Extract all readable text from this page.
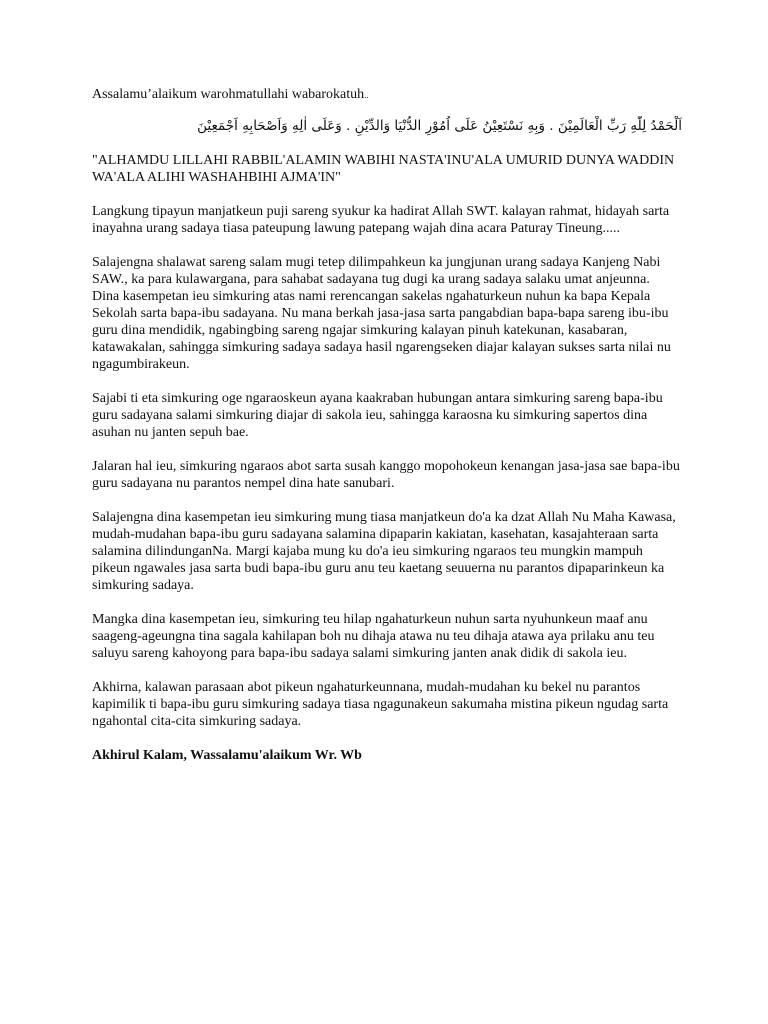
Assalamu’alaikum warohmatullahi wabarokatuh..

اَلْحَمْدُ لِلّٰهِ رَبِّ الْعَالَمِيْنَ . وَبِهِ نَسْتَعِيْنُ عَلَى اُمُوْرِ الدُّنْيَا وَالدِّيْنِ . وَعَلَى اٰلِهِ وَاَصْحَابِهِ اَجْمَعِيْنَ

"ALHAMDU LILLAHI RABBIL'ALAMIN WABIHI NASTA'INU'ALA UMURID DUNYA WADDIN WA'ALA ALIHI WASHAHBIHI AJMA'IN"

Langkung tipayun manjatkeun puji sareng syukur ka hadirat Allah SWT. kalayan rahmat, hidayah sarta inayahna urang sadaya tiasa pateupung lawung patepang wajah dina acara Paturay Tineung.....

Salajengna shalawat sareng salam mugi tetep dilimpahkeun ka jungjunan urang sadaya Kanjeng Nabi SAW., ka para kulawargana, para sahabat sadayana tug dugi ka urang sadaya salaku umat anjeunna.

Dina kasempetan ieu simkuring atas nami rerencangan sakelas ngahaturkeun nuhun ka bapa Kepala Sekolah sarta bapa-ibu sadayana. Nu mana berkah jasa-jasa sarta pangabdian bapa-bapa sareng ibu-ibu guru dina mendidik, ngabingbing sareng ngajar simkuring kalayan pinuh katekunan, kasabaran, katawakalan, sahingga simkuring sadaya sadaya hasil ngarengseken diajar kalayan sukses sarta nilai nu ngagumbirakeun.

Sajabi ti eta simkuring oge ngaraoskeun ayana kaakraban hubungan antara simkuring sareng bapa-ibu guru sadayana salami simkuring diajar di sakola ieu, sahingga karaosna ku simkuring sapertos dina asuhan nu janten sepuh bae.

Jalaran hal ieu, simkuring ngaraos abot sarta susah kanggo mopohokeun kenangan jasa-jasa sae bapa-ibu guru sadayana nu parantos nempel dina hate sanubari.

Salajengna dina kasempetan ieu simkuring mung tiasa manjatkeun do'a ka dzat Allah Nu Maha Kawasa, mudah-mudahan bapa-ibu guru sadayana salamina dipaparin kakiatan, kasehatan, kasajahteraan sarta salamina dilindunganNa. Margi kajaba mung ku do'a ieu simkuring ngaraos teu mungkin mampuh pikeun ngawales jasa sarta budi bapa-ibu guru anu teu kaetang seuuerna nu parantos dipaparinkeun ka simkuring sadaya.

Mangka dina kasempetan ieu, simkuring teu hilap ngahaturkeun nuhun sarta nyuhunkeun maaf anu saageng-ageungna tina sagala kahilapan boh nu dihaja atawa nu teu dihaja atawa aya prilaku anu teu saluyu sareng kahoyong para bapa-ibu sadaya salami simkuring janten anak didik di sakola ieu.

Akhirna, kalawan parasaan abot pikeun ngahaturkeunnana, mudah-mudahan ku bekel nu parantos kapimilik ti bapa-ibu guru simkuring sadaya tiasa ngagunakeun sakumaha mistina pikeun ngudag sarta ngahontal cita-cita simkuring sadaya.

Akhirul Kalam, Wassalamu'alaikum Wr. Wb
